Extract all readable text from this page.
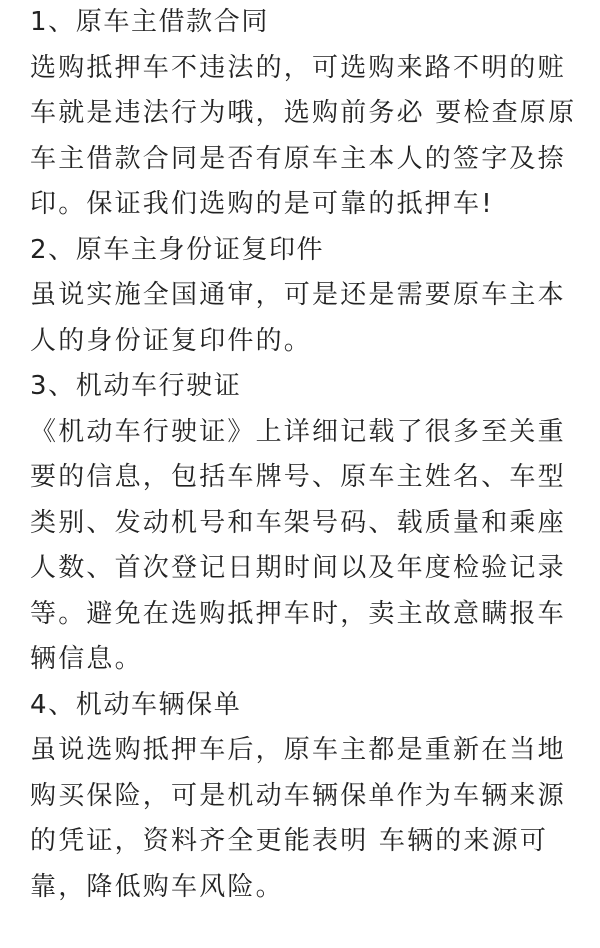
1、原车主借款合同
选购抵押车不违法的，可选购来路不明的赃
车就是违法行为哦，选购前务必 要检查原原
车主借款合同是否有原车主本人的签字及捺
印。保证我们选购的是可靠的抵押车!
2、原车主身份证复印件
虽说实施全国通审，可是还是需要原车主本
人的身份证复印件的。
3、机动车行驶证
《机动车行驶证》上详细记载了很多至关重
要的信息，包括车牌号、原车主姓名、车型
类别、发动机号和车架号码、载质量和乘座
人数、首次登记日期时间以及年度检验记录
等。避免在选购抵押车时，卖主故意瞒报车
辆信息。
4、机动车辆保单
虽说选购抵押车后，原车主都是重新在当地
购买保险，可是机动车辆保单作为车辆来源
的凭证，资料齐全更能表明 车辆的来源可
靠，降低购车风险。
